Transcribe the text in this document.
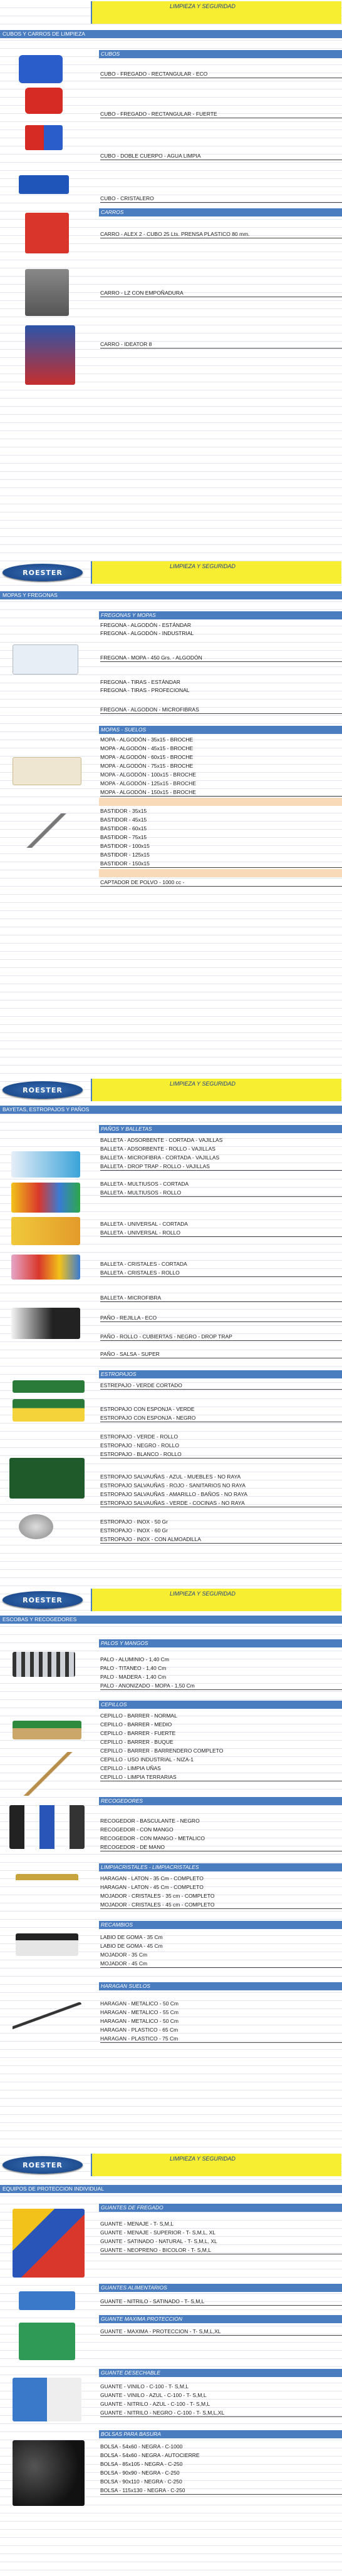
LIMPIEZA Y SEGURIDAD
CUBOS Y CARROS DE LIMPIEZA
CUBOS
CUBO - FREGADO - RECTANGULAR - ECO
CUBO - FREGADO - RECTANGULAR - FUERTE
CUBO - DOBLE CUERPO - AGUA LIMPIA
CUBO - CRISTALERO
CARROS
CARRO - ALEX 2 - CUBO 25 Lts. PRENSA PLASTICO 80 mm.
CARRO - LZ CON EMPOÑADURA
CARRO - IDEATOR 8
ROESTER
LIMPIEZA Y SEGURIDAD
MOPAS Y FREGONAS
FREGONAS Y MOPAS
FREGONA - ALGODÓN - ESTÁNDAR
FREGONA - ALGODÓN - INDUSTRIAL
FREGONA - MOPA - 450 Grs. - ALGODÓN
FREGONA - TIRAS - ESTÁNDAR
FREGONA - TIRAS - PROFECIONAL
FREGONA - ALGODON - MICROFIBRAS
MOPAS - SUELOS
MOPA - ALGODÓN - 35x15 - BROCHE
MOPA - ALGODÓN - 45x15 - BROCHE
MOPA - ALGODÓN - 60x15 - BROCHE
MOPA - ALGODÓN - 75x15 - BROCHE
MOPA - ALGODÓN - 100x15 - BROCHE
MOPA - ALGODÓN - 125x15 - BROCHE
MOPA - ALGODÓN - 150x15 - BROCHE
BASTIDOR - 35x15
BASTIDOR - 45x15
BASTIDOR - 60x15
BASTIDOR - 75x15
BASTIDOR - 100x15
BASTIDOR - 125x15
BASTIDOR - 150x15
CAPTADOR DE POLVO - 1000 cc -
ROESTER
LIMPIEZA Y SEGURIDAD
BAYETAS, ESTROPAJOS Y PAÑOS
PAÑOS Y BALLETAS
BALLETA - ADSORBENTE - CORTADA - VAJILLAS
BALLETA - ADSORBENTE - ROLLO - VAJILLAS
BALLETA - MICROFIBRA - CORTADA - VAJILLAS
BALLETA - DROP TRAP - ROLLO - VAJILLAS
BALLETA - MULTIUSOS - CORTADA
BALLETA - MULTIUSOS - ROLLO
BALLETA - UNIVERSAL - CORTADA
BALLETA - UNIVERSAL - ROLLO
BALLETA - CRISTALES - CORTADA
BALLETA - CRISTALES - ROLLO
BALLETA - MICROFIBRA
PAÑO - REJILLA - ECO
PAÑO - ROLLO - CUBIERTAS - NEGRO - DROP TRAP
PAÑO - SALSA - SUPER
ESTROPAJOS
ESTREPAJO - VERDE CORTADO
ESTROPAJO CON ESPONJA - VERDE
ESTROPAJO CON ESPONJA - NEGRO
ESTROPAJO - VERDE - ROLLO
ESTROPAJO - NEGRO - ROLLO
ESTROPAJO - BLANCO - ROLLO
ESTROPAJO SALVAUÑAS - AZUL - MUEBLES - NO RAYA
ESTROPAJO SALVAUÑAS - ROJO - SANITARIOS NO RAYA
ESTROPAJO SALVAUÑAS - AMARILLO - BAÑOS - NO RAYA
ESTROPAJO SALVAUÑAS - VERDE - COCINAS - NO RAYA
ESTROPAJO - INOX - 50 Gr
ESTROPAJO - INOX - 60 Gr
ESTROPAJO - INOX - CON ALMOADILLA
ROESTER
LIMPIEZA Y SEGURIDAD
ESCOBAS Y RECOGEDORES
PALOS Y MANGOS
PALO - ALUMINIO - 1,40 Cm
PALO - TITANEO - 1,40 Cm
PALO - MADERA - 1,40 Cm
PALO - ANONIZADO - MOPA - 1,50 Cm
CEPILLOS
CEPILLO - BARRER - NORMAL
CEPILLO - BARRER - MEDIO
CEPILLO - BARRER - FUERTE
CEPILLO - BARRER - BUQUE
CEPILLO - BARRER - BARRENDERO COMPLETO
CEPILLO - USO INDUSTRIAL - NIZA-1
CEPILLO - LIMPIA UÑAS
CEPILLO - LIMPIA TERRARIAS
RECOGEDORES
RECOGEDOR - BASCULANTE - NEGRO
RECOGEDOR - CON MANGO
RECOGEDOR - CON MANGO - METALICO
RECOGEDOR - DE MANO
LIMPIACRISTALES - LIMPIACRISTALES
HARAGAN - LATON - 35 Cm - COMPLETO
HARAGAN - LATON - 45 Cm - COMPLETO
MOJADOR - CRISTALES - 35 cm - COMPLETO
MOJADOR - CRISTALES - 45 cm - COMPLETO
RECAMBIOS
LABIO DE GOMA - 35 Cm
LABIO DE GOMA - 45 Cm
MOJADOR - 35 Cm
MOJADOR - 45 Cm
HARAGAN SUELOS
HARAGAN - METALICO - 50 Cm
HARAGAN - METALICO - 55 Cm
HARAGAN - METALICO - 50 Cm
HARAGAN - PLASTICO - 65 Cm
HARAGAN - PLASTICO - 75 Cm
ROESTER
LIMPIEZA Y SEGURIDAD
EQUIPOS DE PROTECCION INDIVIDUAL
GUANTES DE FREGADO
GUANTE - MENAJE - T- S,M,L
GUANTE - MENAJE - SUPERIOR - T- S,M,L, XL
GUANTE - SATINADO - NATURAL - T- S,M,L, XL
GUANTE - NEOPRENO - BICOLOR - T- S,M,L
GUANTES ALIMENTARIOS
GUANTE - NITRILO - SATINADO - T- S,M,L
GUANTE MAXIMA PROTECCION
GUANTE - MAXIMA - PROTECCION - T- S,M,L,XL
GUANTE DESECHABLE
GUANTE - VINILO - C-100 - T- S,M,L
GUANTE - VINILO - AZUL - C-100 - T- S,M,L
GUANTE - NITRILO - AZUL - C-100 - T- S,M,L
GUANTE - NITRILO - NEGRO - C-100 - T- S,M,L,XL
BOLSAS PARA BASURA
BOLSA - 54x60 - NEGRA - C-1000
BOLSA - 54x60 - NEGRA - AUTOCIERRE
BOLSA - 85x105 - NEGRA - C-250
BOLSA - 90x90 - NEGRA - C-250
BOLSA - 90x110 - NEGRA - C-250
BOLSA - 115x130 - NEGRA - C-250
